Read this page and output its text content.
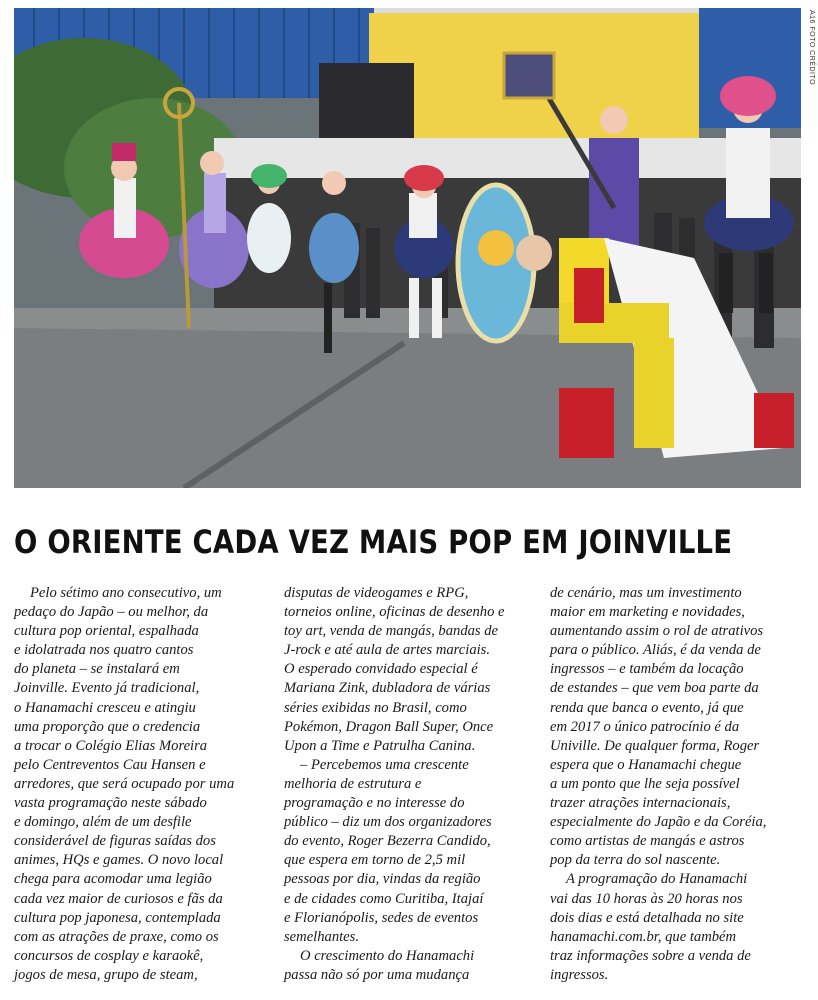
A16 FOTO CRÉDITO
O ORIENTE CADA VEZ MAIS POP EM JOINVILLE

Pelo sétimo ano consecutivo, um

pedaço do Japão – ou melhor, da

cultura pop oriental, espalhada

e idolatrada nos quatro cantos

do planeta – se instalará em

Joinville. Evento já tradicional,

o Hanamachi cresceu e atingiu

uma proporção que o credencia

a trocar o Colégio Elias Moreira

pelo Centreventos Cau Hansen e

arredores, que será ocupado por uma

vasta programação neste sábado

e domingo, além de um desfile

considerável de figuras saídas dos

animes, HQs e games. O novo local

chega para acomodar uma legião

cada vez maior de curiosos e fãs da

cultura pop japonesa, contemplada

com as atrações de praxe, como os

concursos de cosplay e karaokê,

jogos de mesa, grupo de steam,

disputas de videogames e RPG,

torneios online, oficinas de desenho e

toy art, venda de mangás, bandas de

J-rock e até aula de artes marciais.

O esperado convidado especial é

Mariana Zink, dubladora de várias

séries exibidas no Brasil, como

Pokémon, Dragon Ball Super, Once

Upon a Time e Patrulha Canina.

– Percebemos uma crescente

melhoria de estrutura e

programação e no interesse do

público – diz um dos organizadores

do evento, Roger Bezerra Candido,

que espera em torno de 2,5 mil

pessoas por dia, vindas da região

e de cidades como Curitiba, Itajaí

e Florianópolis, sedes de eventos

semelhantes.

O crescimento do Hanamachi

passa não só por uma mudança

de cenário, mas um investimento

maior em marketing e novidades,

aumentando assim o rol de atrativos

para o público. Aliás, é da venda de

ingressos – e também da locação

de estandes – que vem boa parte da

renda que banca o evento, já que

em 2017 o único patrocínio é da

Univille. De qualquer forma, Roger

espera que o Hanamachi chegue

a um ponto que lhe seja possível

trazer atrações internacionais,

especialmente do Japão e da Coréia,

como artistas de mangás e astros

pop da terra do sol nascente.

A programação do Hanamachi

vai das 10 horas às 20 horas nos

dois dias e está detalhada no site

hanamachi.com.br, que também

traz informações sobre a venda de

ingressos.
